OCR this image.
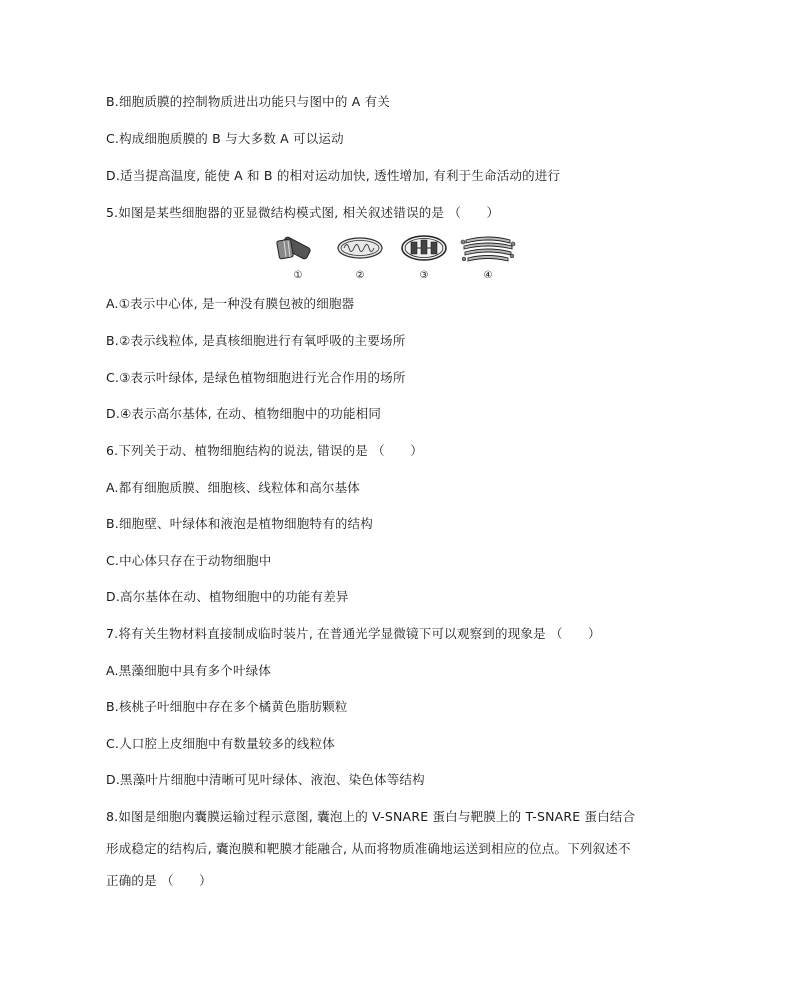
B.细胞质膜的控制物质进出功能只与图中的 A 有关
C.构成细胞质膜的 B 与大多数 A 可以运动
D.适当提高温度, 能使 A 和 B 的相对运动加快, 透性增加, 有利于生命活动的进行
5.如图是某些细胞器的亚显微结构模式图, 相关叙述错误的是 （　　）
①	②	③	④
A.①表示中心体, 是一种没有膜包被的细胞器
B.②表示线粒体, 是真核细胞进行有氧呼吸的主要场所
C.③表示叶绿体, 是绿色植物细胞进行光合作用的场所
D.④表示高尔基体, 在动、植物细胞中的功能相同
6.下列关于动、植物细胞结构的说法, 错误的是 （　　）
A.都有细胞质膜、细胞核、线粒体和高尔基体
B.细胞壁、叶绿体和液泡是植物细胞特有的结构
C.中心体只存在于动物细胞中
D.高尔基体在动、植物细胞中的功能有差异
7.将有关生物材料直接制成临时装片, 在普通光学显微镜下可以观察到的现象是 （　　）
A.黑藻细胞中具有多个叶绿体
B.核桃子叶细胞中存在多个橘黄色脂肪颗粒
C.人口腔上皮细胞中有数量较多的线粒体
D.黑藻叶片细胞中清晰可见叶绿体、液泡、染色体等结构
8.如图是细胞内囊膜运输过程示意图, 囊泡上的 V-SNARE 蛋白与靶膜上的 T-SNARE 蛋白结合
形成稳定的结构后, 囊泡膜和靶膜才能融合, 从而将物质准确地运送到相应的位点。下列叙述不
正确的是 （　　）
